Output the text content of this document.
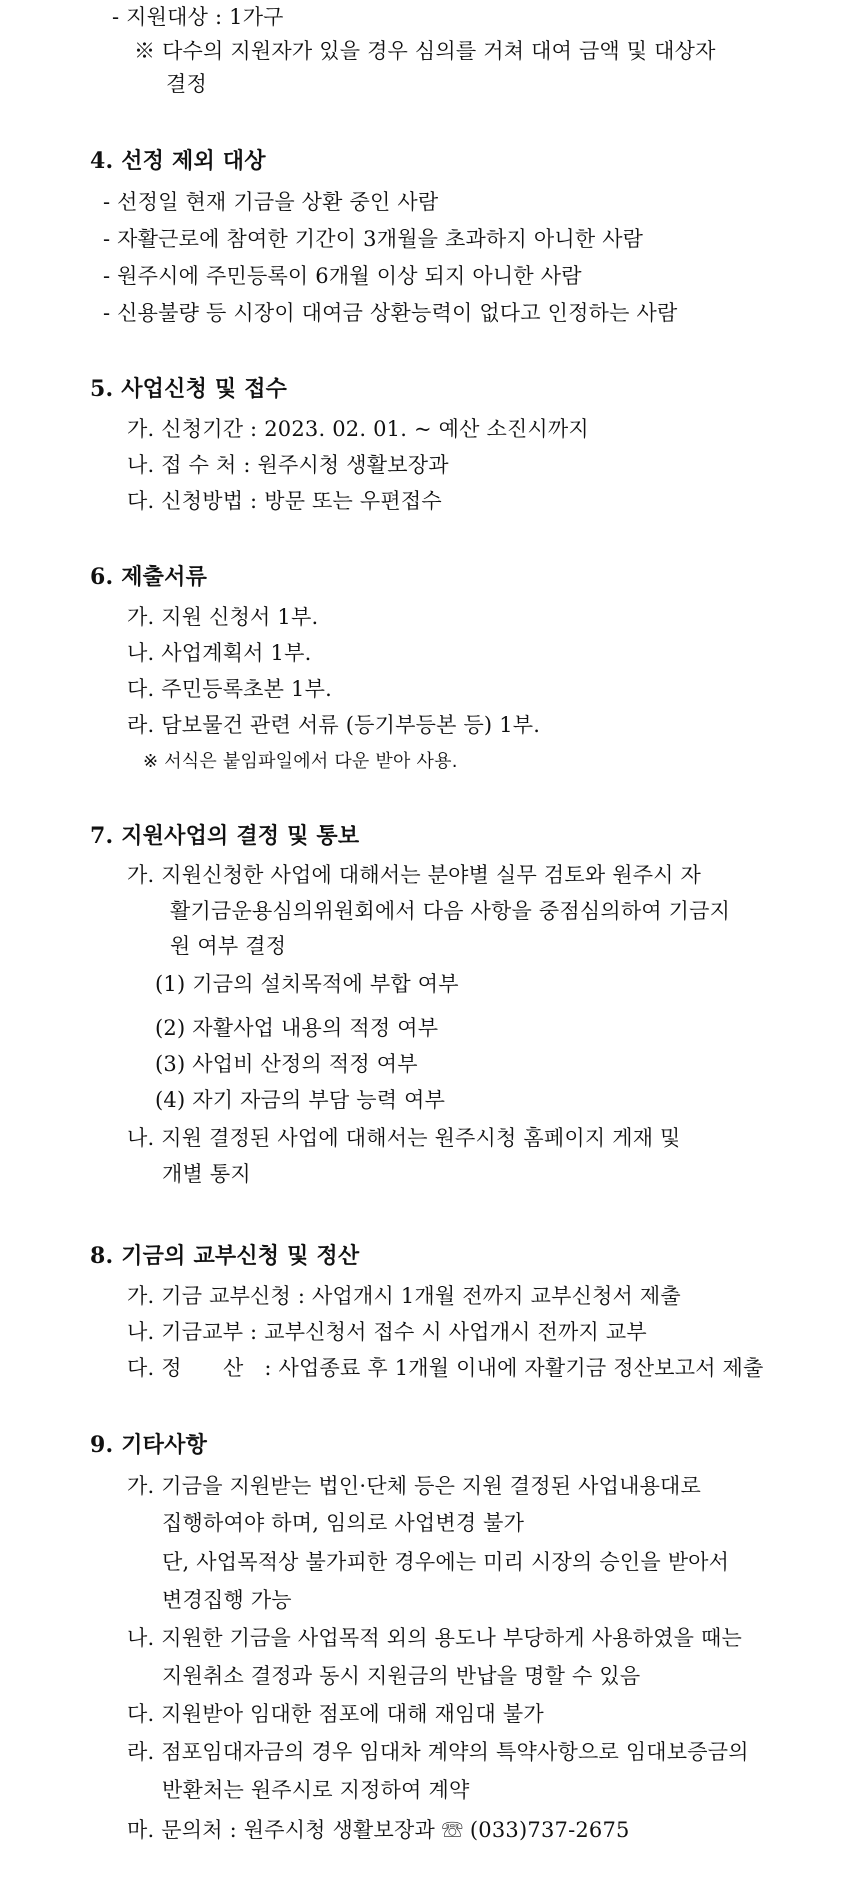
- 지원대상 : 1가구
※ 다수의 지원자가 있을 경우 심의를 거쳐 대여 금액 및 대상자
결정
4. 선정 제외 대상
- 선정일 현재 기금을 상환 중인 사람
- 자활근로에 참여한 기간이 3개월을 초과하지 아니한 사람
- 원주시에 주민등록이 6개월 이상 되지 아니한 사람
- 신용불량 등 시장이 대여금 상환능력이 없다고 인정하는 사람
5. 사업신청 및 접수
가. 신청기간 : 2023. 02. 01. ~ 예산 소진시까지
나. 접 수 처 : 원주시청 생활보장과
다. 신청방법 : 방문 또는 우편접수
6. 제출서류
가. 지원 신청서 1부.
나. 사업계획서 1부.
다. 주민등록초본 1부.
라. 담보물건 관련 서류 (등기부등본 등) 1부.
※ 서식은 붙임파일에서 다운 받아 사용.
7. 지원사업의 결정 및 통보
가. 지원신청한 사업에 대해서는 분야별 실무 검토와 원주시 자
활기금운용심의위원회에서 다음 사항을 중점심의하여 기금지
원 여부 결정
(1) 기금의 설치목적에 부합 여부
(2) 자활사업 내용의 적정 여부
(3) 사업비 산정의 적정 여부
(4) 자기 자금의 부담 능력 여부
나. 지원 결정된 사업에 대해서는 원주시청 홈페이지 게재 및
개별 통지
8. 기금의 교부신청 및 정산
가. 기금 교부신청 : 사업개시 1개월 전까지 교부신청서 제출
나. 기금교부 : 교부신청서 접수 시 사업개시 전까지 교부
다. 정      산 : 사업종료 후 1개월 이내에 자활기금 정산보고서 제출
9. 기타사항
가. 기금을 지원받는 법인·단체 등은 지원 결정된 사업내용대로
집행하여야 하며, 임의로 사업변경 불가
단, 사업목적상 불가피한 경우에는 미리 시장의 승인을 받아서
변경집행 가능
나. 지원한 기금을 사업목적 외의 용도나 부당하게 사용하였을 때는
지원취소 결정과 동시 지원금의 반납을 명할 수 있음
다. 지원받아 임대한 점포에 대해 재임대 불가
라. 점포임대자금의 경우 임대차 계약의 특약사항으로 임대보증금의
반환처는 원주시로 지정하여 계약
마. 문의처 : 원주시청 생활보장과 ☏ (033)737-2675
